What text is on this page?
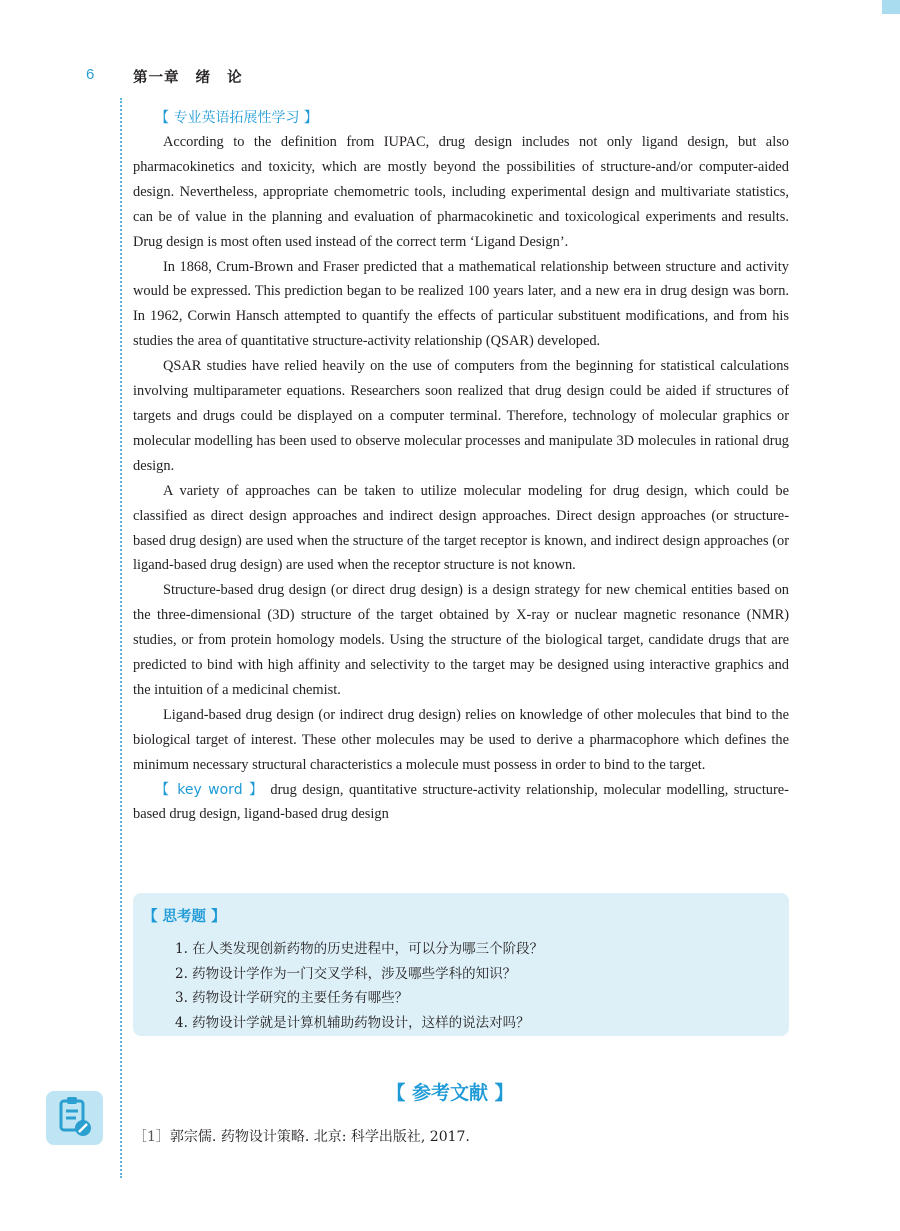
6	第一章 绪 论
【 专业英语拓展性学习 】

According to the definition from IUPAC, drug design includes not only ligand design, but also pharmacokinetics and toxicity, which are mostly beyond the possibilities of structure-and/or computer-aided design. Nevertheless, appropriate chemometric tools, including experimental design and multivariate statistics, can be of value in the planning and evaluation of pharmacokinetic and toxicological experiments and results. Drug design is most often used instead of the correct term ‘Ligand Design’.

In 1868, Crum-Brown and Fraser predicted that a mathematical relationship between structure and activity would be expressed. This prediction began to be realized 100 years later, and a new era in drug design was born. In 1962, Corwin Hansch attempted to quantify the effects of particular substituent modifications, and from his studies the area of quantitative structure-activity relationship (QSAR) developed.

QSAR studies have relied heavily on the use of computers from the beginning for statistical calculations involving multiparameter equations. Researchers soon realized that drug design could be aided if structures of targets and drugs could be displayed on a computer terminal. Therefore, technology of molecular graphics or molecular modelling has been used to observe molecular processes and manipulate 3D molecules in rational drug design.

A variety of approaches can be taken to utilize molecular modeling for drug design, which could be classified as direct design approaches and indirect design approaches. Direct design approaches (or structure-based drug design) are used when the structure of the target receptor is known, and indirect design approaches (or ligand-based drug design) are used when the receptor structure is not known.

Structure-based drug design (or direct drug design) is a design strategy for new chemical entities based on the three-dimensional (3D) structure of the target obtained by X-ray or nuclear magnetic resonance (NMR) studies, or from protein homology models. Using the structure of the biological target, candidate drugs that are predicted to bind with high affinity and selectivity to the target may be designed using interactive graphics and the intuition of a medicinal chemist.

Ligand-based drug design (or indirect drug design) relies on knowledge of other molecules that bind to the biological target of interest. These other molecules may be used to derive a pharmacophore which defines the minimum necessary structural characteristics a molecule must possess in order to bind to the target.

【 key word 】 drug design, quantitative structure-activity relationship, molecular modelling, structure-based drug design, ligand-based drug design

【 思考题 】
1. 在人类发现创新药物的历史进程中，可以分为哪三个阶段？
2. 药物设计学作为一门交叉学科，涉及哪些学科的知识？
3. 药物设计学研究的主要任务有哪些？
4. 药物设计学就是计算机辅助药物设计，这样的说法对吗？
【 参考文献 】
［1］郭宗儒. 药物设计策略. 北京: 科学出版社, 2017.
